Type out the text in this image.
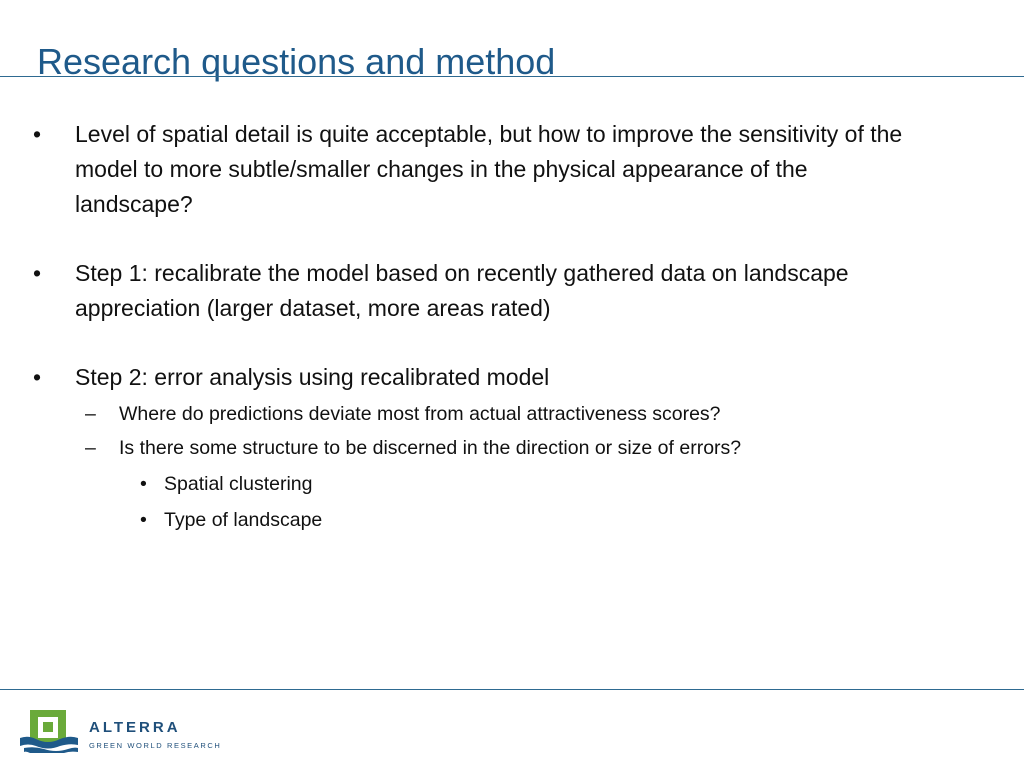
Research questions and method
• Level of spatial detail is quite acceptable, but how to improve the sensitivity of the model to more subtle/smaller changes in the physical appearance of the landscape?
• Step 1: recalibrate the model based on recently gathered data on landscape appreciation (larger dataset, more areas rated)
• Step 2: error analysis using recalibrated model
– Where do predictions deviate most from actual attractiveness scores?
– Is there some structure to be discerned in the direction or size of errors?
• Spatial clustering
• Type of landscape
ALTERRA
GREEN WORLD RESEARCH
